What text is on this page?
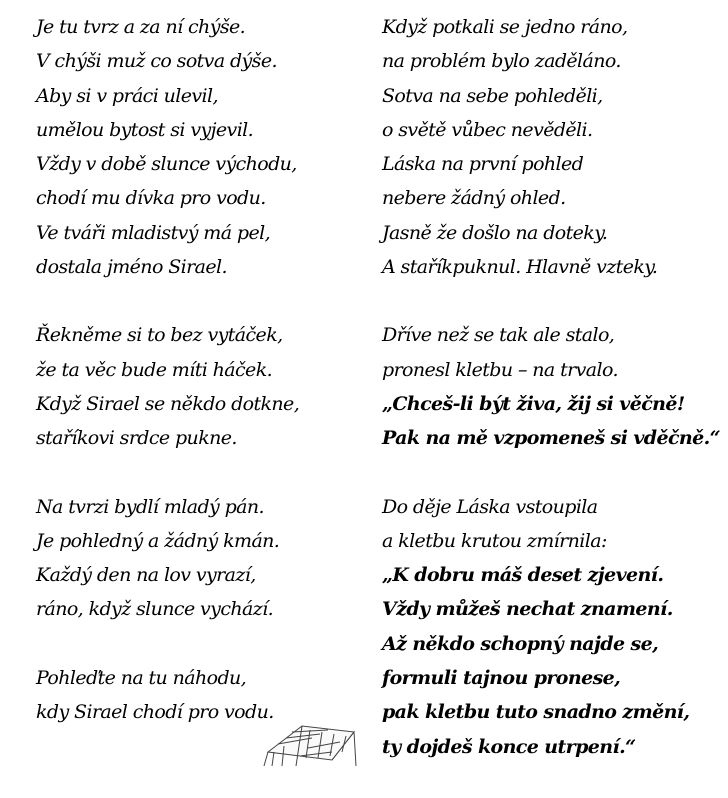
Je tu tvrz a za ní chýše.
V chýši muž co sotva dýše.
Aby si v práci ulevil,
umělou bytost si vyjevil.
Vždy v době slunce východu,
chodí mu dívka pro vodu.
Ve tváři mladistvý má pel,
dostala jméno Sirael.
Řekněme si to bez vytáček,
že ta věc bude míti háček.
Když Sirael se někdo dotkne,
staříkovi srdce pukne.
Na tvrzi bydlí mladý pán.
Je pohledný a žádný kmán.
Každý den na lov vyrazí,
ráno, když slunce vychází.
Pohleďte na tu náhodu,
kdy Sirael chodí pro vodu.
Když potkali se jedno ráno,
na problém bylo zaděláno.
Sotva na sebe pohleděli,
o světě vůbec nevěděli.
Láska na první pohled
nebere žádný ohled.
Jasně že došlo na doteky.
A staříkpuknul. Hlavně vzteky.
Dříve než se tak ale stalo,
pronesl kletbu – na trvalo.
„Chceš-li být živa, žij si věčně!
Pak na mě vzpomeneš si vděčně.“
Do děje Láska vstoupila
a kletbu krutou zmírnila:
„K dobru máš deset zjevení.
Vždy můžeš nechat znamení.
Až někdo schopný najde se,
formuli tajnou pronese,
pak kletbu tuto snadno změní,
ty dojdeš konce utrpení.“
